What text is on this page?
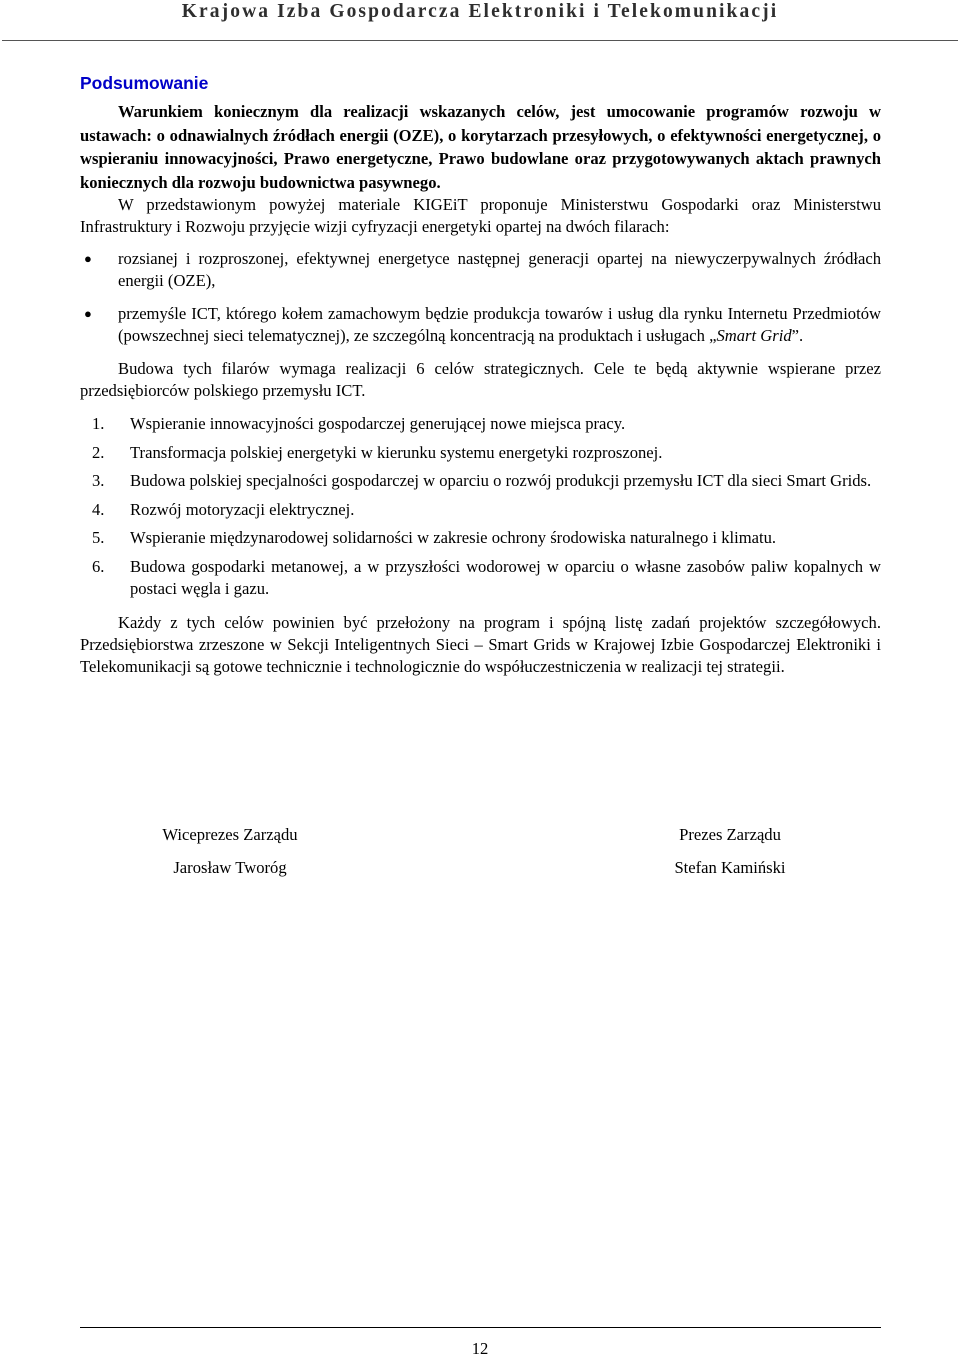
Krajowa Izba Gospodarcza Elektroniki i Telekomunikacji
Podsumowanie

Warunkiem koniecznym dla realizacji wskazanych celów, jest umocowanie programów rozwoju w ustawach: o odnawialnych źródłach energii (OZE), o korytarzach przesyłowych, o efektywności energetycznej, o wspieraniu innowacyjności, Prawo energetyczne, Prawo budowlane oraz przygotowywanych aktach prawnych koniecznych dla rozwoju budownictwa pasywnego.

W przedstawionym powyżej materiale KIGEiT proponuje Ministerstwu Gospodarki oraz Ministerstwu Infrastruktury i Rozwoju przyjęcie wizji cyfryzacji energetyki opartej na dwóch filarach:

● rozsianej i rozproszonej, efektywnej energetyce następnej generacji opartej na niewyczerpywalnych źródłach energii (OZE),
● przemyśle ICT, którego kołem zamachowym będzie produkcja towarów i usług dla rynku Internetu Przedmiotów (powszechnej sieci telematycznej), ze szczególną koncentracją na produktach i usługach „Smart Grid”.

Budowa tych filarów wymaga realizacji 6 celów strategicznych. Cele te będą aktywnie wspierane przez przedsiębiorców polskiego przemysłu ICT.

1. Wspieranie innowacyjności gospodarczej generującej nowe miejsca pracy.
2. Transformacja polskiej energetyki w kierunku systemu energetyki rozproszonej.
3. Budowa polskiej specjalności gospodarczej w oparciu o rozwój produkcji przemysłu ICT dla sieci Smart Grids.
4. Rozwój motoryzacji elektrycznej.
5. Wspieranie międzynarodowej solidarności w zakresie ochrony środowiska naturalnego i klimatu.
6. Budowa gospodarki metanowej, a w przyszłości wodorowej w oparciu o własne zasobów paliw kopalnych w postaci węgla i gazu.

Każdy z tych celów powinien być przełożony na program i spójną listę zadań projektów szczegółowych. Przedsiębiorstwa zrzeszone w Sekcji Inteligentnych Sieci – Smart Grids w Krajowej Izbie Gospodarczej Elektroniki i Telekomunikacji są gotowe technicznie i technologicznie do współuczestniczenia w realizacji tej strategii.

Wiceprezes Zarządu
Jarosław Tworóg
Prezes Zarządu
Stefan Kamiński
12
